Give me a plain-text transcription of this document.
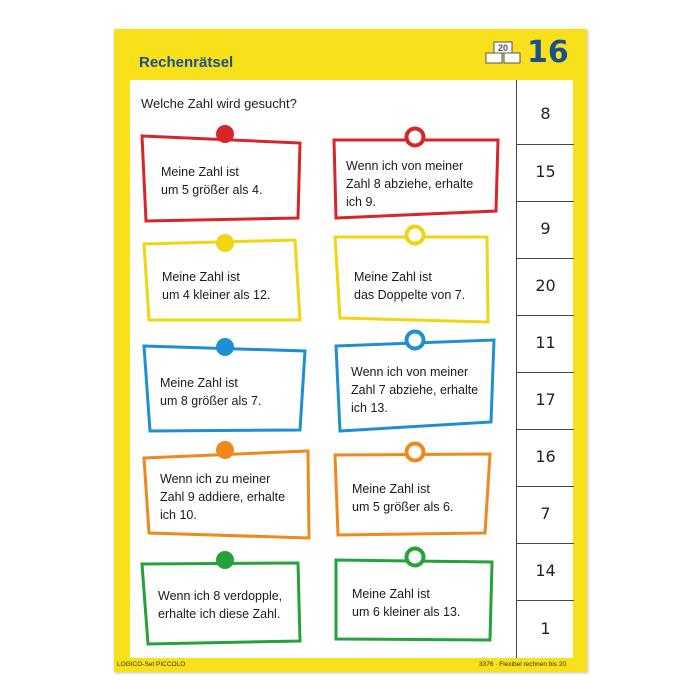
Rechenrätsel
20 16
Welche Zahl wird gesucht?
Meine Zahl ist
um 5 größer als 4.
Wenn ich von meiner
Zahl 8 abziehe, erhalte
ich 9.
Meine Zahl ist
um 4 kleiner als 12.
Meine Zahl ist
das Doppelte von 7.
Meine Zahl ist
um 8 größer als 7.
Wenn ich von meiner
Zahl 7 abziehe, erhalte
ich 13.
Wenn ich zu meiner
Zahl 9 addiere, erhalte
ich 10.
Meine Zahl ist
um 5 größer als 6.
Wenn ich 8 verdopple,
erhalte ich diese Zahl.
Meine Zahl ist
um 6 kleiner als 13.
8
15
9
20
11
17
16
7
14
1
LOGICO-Set PICCOLO	3376 · Flexibel rechnen bis 20
